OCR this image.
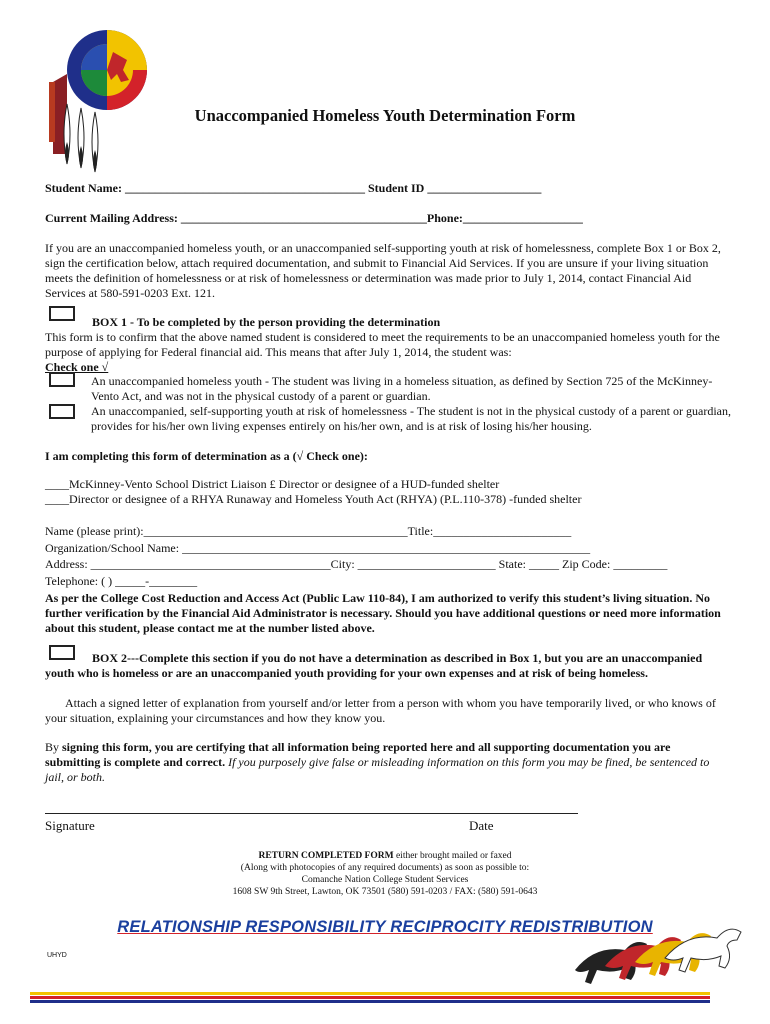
Unaccompanied Homeless Youth Determination Form
Student Name: ________________________________________ Student ID ___________________
Current Mailing Address: _________________________________________Phone:____________________
If you are an unaccompanied homeless youth, or an unaccompanied self-supporting youth at risk of homelessness, complete Box 1 or Box 2, sign the certification below, attach required documentation, and submit to Financial Aid Services. If you are unsure if your living situation meets the definition of homelessness or at risk of homelessness or determination was made prior to July 1, 2014, contact Financial Aid Services at 580-591-0203 Ext. 121.
BOX 1 - To be completed by the person providing the determination
This form is to confirm that the above named student is considered to meet the requirements to be an unaccompanied homeless youth for the purpose of applying for Federal financial aid. This means that after July 1, 2014, the student was:
Check one √
An unaccompanied homeless youth - The student was living in a homeless situation, as defined by Section 725 of the McKinney-Vento Act, and was not in the physical custody of a parent or guardian.
An unaccompanied, self-supporting youth at risk of homelessness - The student is not in the physical custody of a parent or guardian, provides for his/her own living expenses entirely on his/her own, and is at risk of losing his/her housing.
I am completing this form of determination as a (√ Check one):
____McKinney-Vento School District Liaison £ Director or designee of a HUD-funded shelter
____Director or designee of a RHYA Runaway and Homeless Youth Act (RHYA) (P.L.110-378) -funded shelter
Name (please print):____________________________________________Title:_______________________
Organization/School Name: ____________________________________________________________________
Address: ________________________________________City: _______________________ State: _____ Zip Code: _________
Telephone: ( ) _____-________
As per the College Cost Reduction and Access Act (Public Law 110-84), I am authorized to verify this student’s living situation. No further verification by the Financial Aid Administrator is necessary. Should you have additional questions or need more information about this student, please contact me at the number listed above.
BOX 2---Complete this section if you do not have a determination as described in Box 1, but you are an unaccompanied youth who is homeless or are an unaccompanied youth providing for your own expenses and at risk of being homeless.
Attach a signed letter of explanation from yourself and/or letter from a person with whom you have temporarily lived, or who knows of your situation, explaining your circumstances and how they know you.
By signing this form, you are certifying that all information being reported here and all supporting documentation you are submitting is complete and correct. If you purposely give false or misleading information on this form you may be fined, be sentenced to jail, or both.
Signature	Date
RETURN COMPLETED FORM either brought mailed or faxed
(Along with photocopies of any required documents) as soon as possible to:
Comanche Nation College Student Services
1608 SW 9th Street, Lawton, OK 73501 (580) 591-0203 / FAX: (580) 591-0643
RELATIONSHIP RESPONSIBILITY RECIPROCITY REDISTRIBUTION
UHYD
